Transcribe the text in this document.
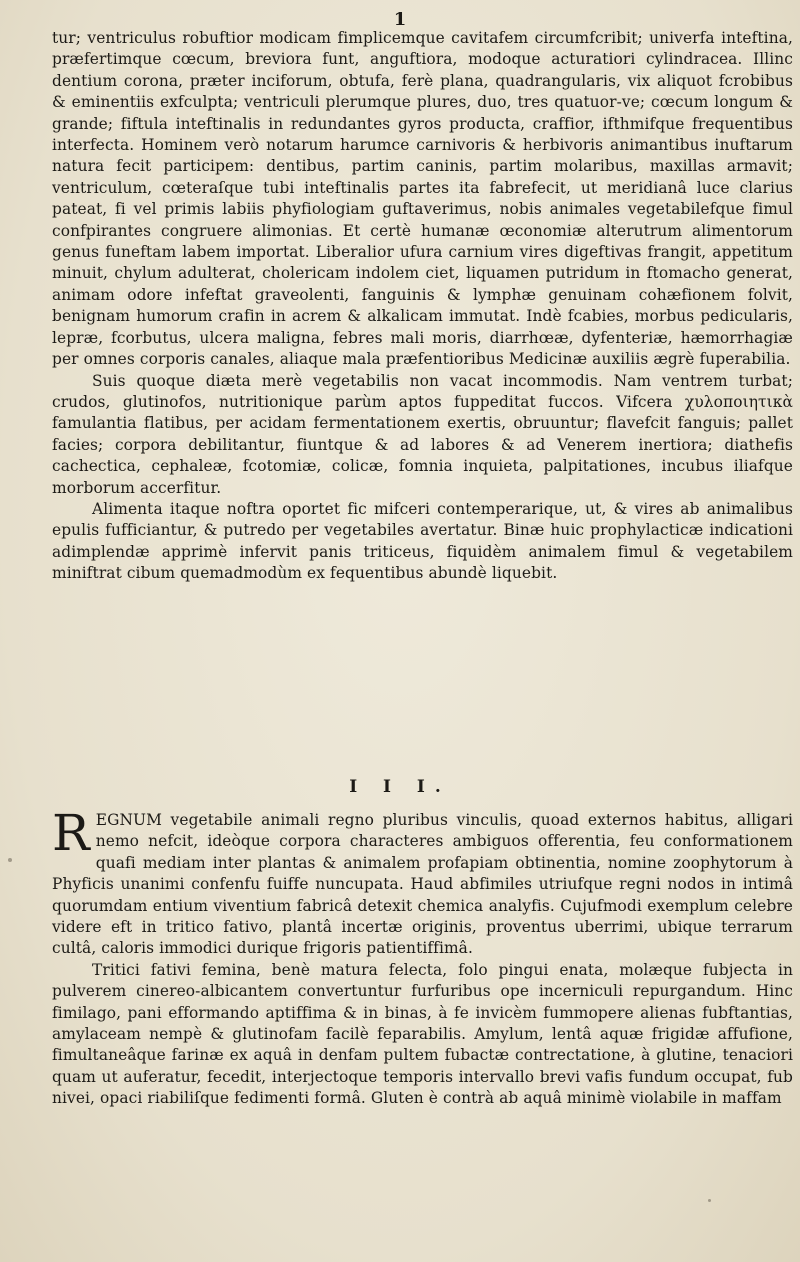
1

tur; ventriculus robuftior modicam fimplicemque cavitafem circumfcribit; univerfa inteftina, præfertimque cœcum, breviora funt, anguftiora, modoque acturatiori cylindracea. Illinc dentium corona, præter inciforum, obtufa, ferè plana, quadrangularis, vix aliquot fcrobibus & eminentiis exfculpta; ventriculi plerumque plures, duo, tres quatuor-ve; cœcum longum & grande; fiftula inteftinalis in redundantes gyros producta, craffior, ifthmifque frequentibus interfecta. Hominem verò notarum harumce carnivoris & herbivoris animantibus inuftarum natura fecit participem: dentibus, partim caninis, partim molaribus, maxillas armavit; ventriculum, cœteraſque tubi inteftinalis partes ita fabrefecit, ut meridianâ luce clarius pateat, fi vel primis labiis phyfiologiam guftaverimus, nobis animales vegetabilefque fimul confpirantes congruere alimonias. Et certè humanæ œconomiæ alterutrum alimentorum genus funeftam labem importat. Liberalior ufura carnium vires digeftivas frangit, appetitum minuit, chylum adulterat, cholericam indolem ciet, liquamen putridum in ftomacho generat, animam odore infeftat graveolenti, fanguinis & lymphæ genuinam cohæfionem folvit, benignam humorum crafin in acrem & alkalicam immutat. Indè fcabies, morbus pedicularis, lepræ, fcorbutus, ulcera maligna, febres mali moris, diarrhœæ, dyfenteriæ, hæmorrhagiæ per omnes corporis canales, aliaque mala præfentioribus Medicinæ auxiliis ægrè fuperabilia.

Suis quoque diæta merè vegetabilis non vacat incommodis. Nam ventrem turbat; crudos, glutinofos, nutritionique parùm aptos fuppeditat fuccos. Vifcera χυλοποιητικὰ famulantia flatibus, per acidam fermentationem exertis, obruuntur; flavefcit fanguis; pallet facies; corpora debilitantur, fiuntque & ad labores & ad Venerem inertiora; diathefis cachectica, cephaleæ, fcotomiæ, colicæ, fomnia inquieta, palpitationes, incubus iliafque morborum accerfitur.

Alimenta itaque noftra oportet fic mifceri contemperarique, ut, & vires ab animalibus epulis fufficiantur, & putredo per vegetabiles avertatur. Binæ huic prophylacticæ indicationi adimplendæ apprimè infervit panis triticeus, fiquidèm animalem fimul & vegetabilem miniftrat cibum quemadmodùm ex fequentibus abundè liquebit.

I I I.

REGNUM vegetabile animali regno pluribus vinculis, quoad externos habitus, alligari nemo nefcit, ideòque corpora characteres ambiguos offerentia, feu conformationem quafi mediam inter plantas & animalem profapiam obtinentia, nomine zoophytorum à Phyficis unanimi confenfu fuiffe nuncupata. Haud abfimiles utriufque regni nodos in intimâ quorumdam entium viventium fabricâ detexit chemica analyfis. Cujufmodi exemplum celebre videre eft in tritico fativo, plantâ incertæ originis, proventus uberrimi, ubique terrarum cultâ, caloris immodici durique frigoris patientiffimâ.

Tritici fativi femina, benè matura felecta, folo pingui enata, molæque fubjecta in pulverem cinereo-albicantem convertuntur furfuribus ope incerniculi repurgandum. Hinc fimilago, pani efformando aptiffima & in binas, à fe invicèm fummopere alienas fubftantias, amylaceam nempè & glutinofam facilè feparabilis. Amylum, lentâ aquæ frigidæ affufione, fimultaneâque farinæ ex aquâ in denfam pultem fubactæ contrectatione, à glutine, tenaciori quam ut auferatur, fecedit, interjectoque temporis intervallo brevi vafis fundum occupat, fub nivei, opaci riabiliſque fedimenti formâ. Gluten è contrà ab aquâ minimè violabile in maffam
